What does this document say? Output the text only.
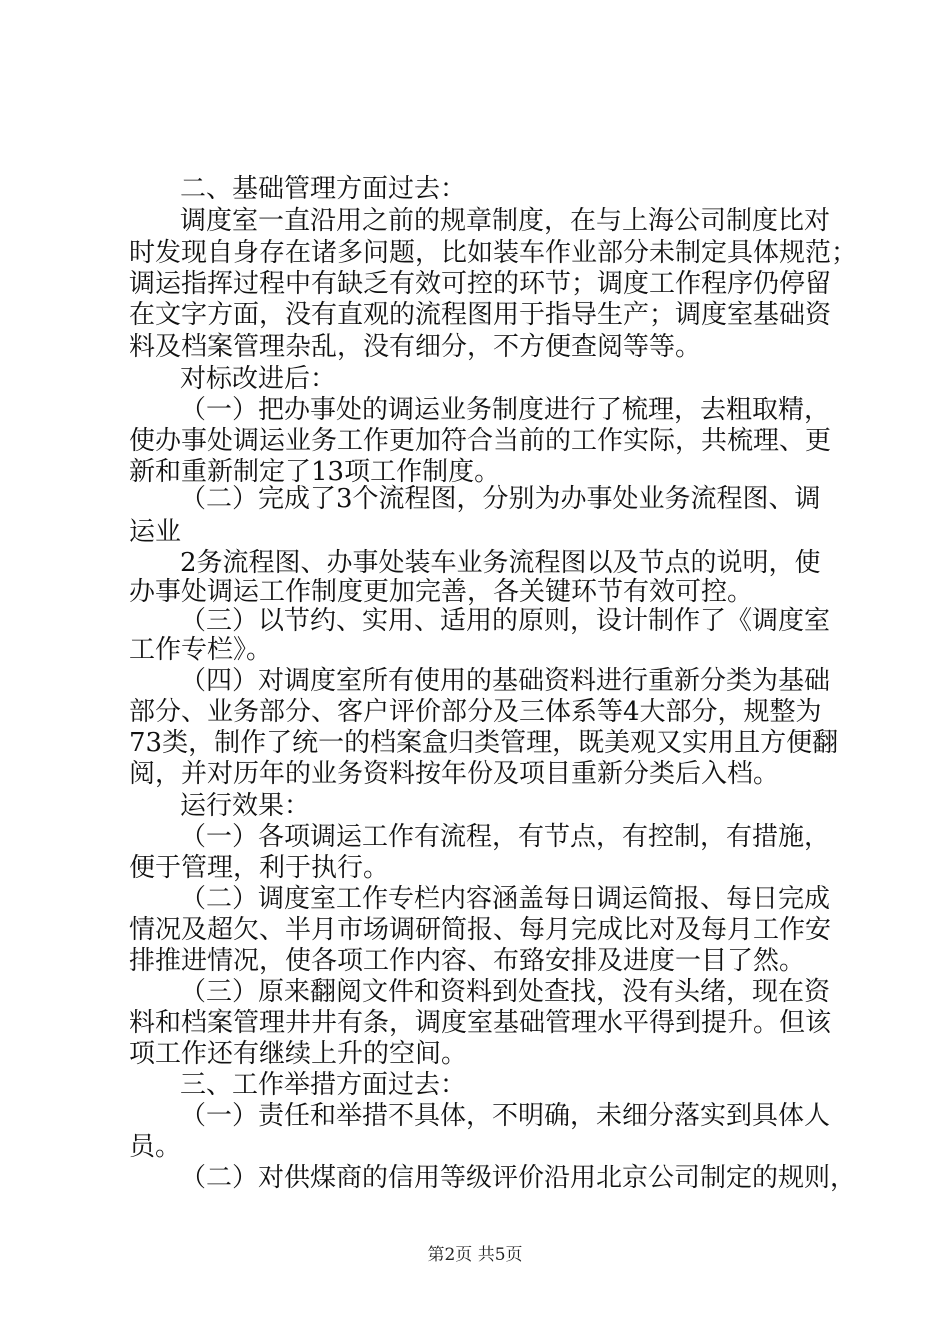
二、基础管理方面过去：
调度室一直沿用之前的规章制度，在与上海公司制度比对
时发现自身存在诸多问题，比如装车作业部分未制定具体规范；
调运指挥过程中有缺乏有效可控的环节；调度工作程序仍停留
在文字方面，没有直观的流程图用于指导生产；调度室基础资
料及档案管理杂乱，没有细分，不方便查阅等等。
对标改进后：
（一）把办事处的调运业务制度进行了梳理，去粗取精，
使办事处调运业务工作更加符合当前的工作实际，共梳理、更
新和重新制定了13项工作制度。
（二）完成了3个流程图，分别为办事处业务流程图、调
运业
2务流程图、办事处装车业务流程图以及节点的说明，使
办事处调运工作制度更加完善，各关键环节有效可控。
（三）以节约、实用、适用的原则，设计制作了《调度室
工作专栏》。
（四）对调度室所有使用的基础资料进行重新分类为基础
部分、业务部分、客户评价部分及三体系等4大部分，规整为
73类，制作了统一的档案盒归类管理，既美观又实用且方便翻
阅，并对历年的业务资料按年份及项目重新分类后入档。
运行效果：
（一）各项调运工作有流程，有节点，有控制，有措施，
便于管理，利于执行。
（二）调度室工作专栏内容涵盖每日调运简报、每日完成
情况及超欠、半月市场调研简报、每月完成比对及每月工作安
排推进情况，使各项工作内容、布臵安排及进度一目了然。
（三）原来翻阅文件和资料到处查找，没有头绪，现在资
料和档案管理井井有条，调度室基础管理水平得到提升。但该
项工作还有继续上升的空间。
三、工作举措方面过去：
（一）责任和举措不具体，不明确，未细分落实到具体人
员。
（二）对供煤商的信用等级评价沿用北京公司制定的规则，
第2页 共5页
